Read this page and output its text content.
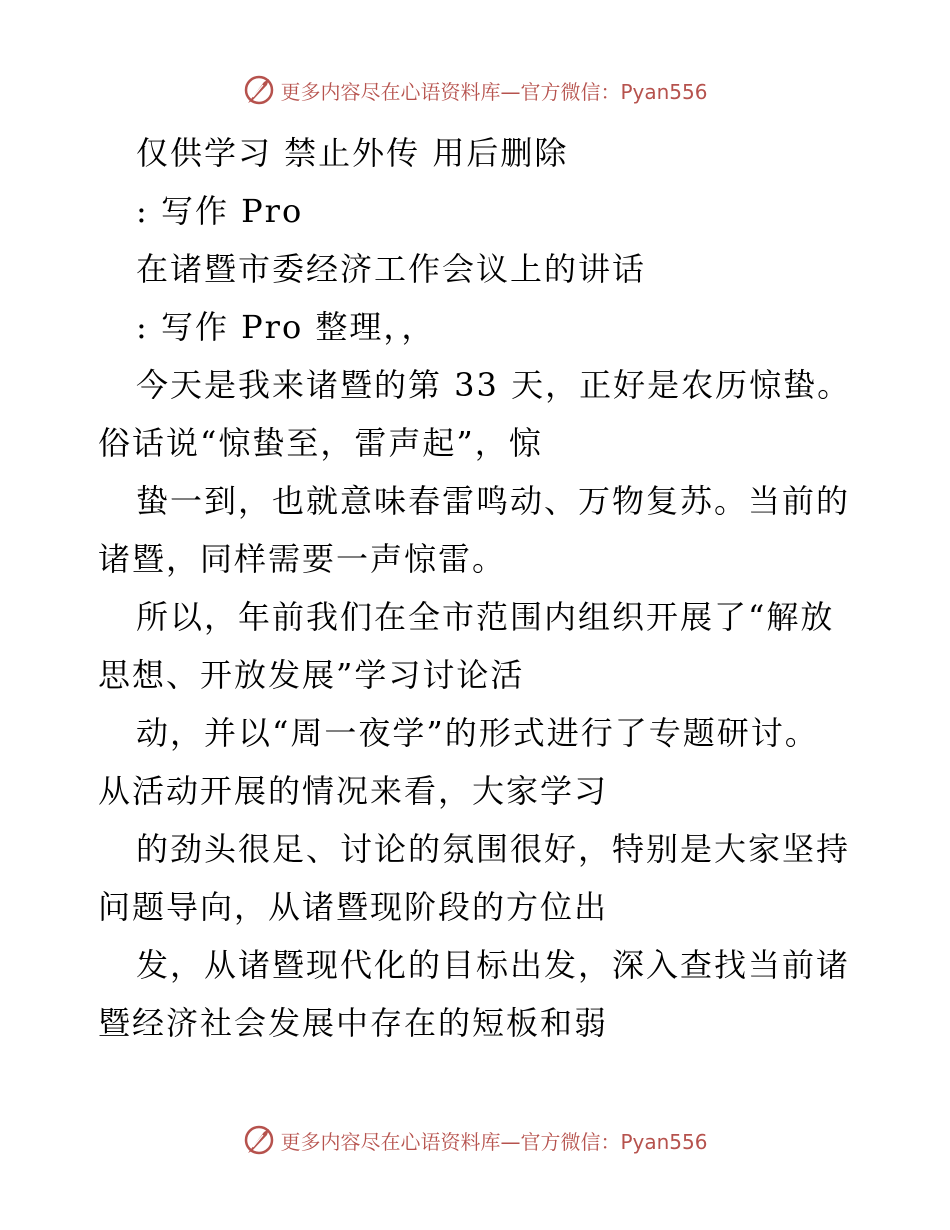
更多内容尽在心语资料库—官方微信：Pyan556
仅供学习 禁止外传 用后删除
: 写作 Pro
在诸暨市委经济工作会议上的讲话
: 写作 Pro 整理，，
今天是我来诸暨的第 33 天，正好是农历惊蛰。
俗话说“惊蛰至，雷声起”，惊
蛰一到，也就意味春雷鸣动、万物复苏。当前的
诸暨，同样需要一声惊雷。
所以，年前我们在全市范围内组织开展了“解放
思想、开放发展”学习讨论活
动，并以“周一夜学”的形式进行了专题研讨。
从活动开展的情况来看，大家学习
的劲头很足、讨论的氛围很好，特别是大家坚持
问题导向，从诸暨现阶段的方位出
发，从诸暨现代化的目标出发，深入查找当前诸
暨经济社会发展中存在的短板和弱
更多内容尽在心语资料库—官方微信：Pyan556
